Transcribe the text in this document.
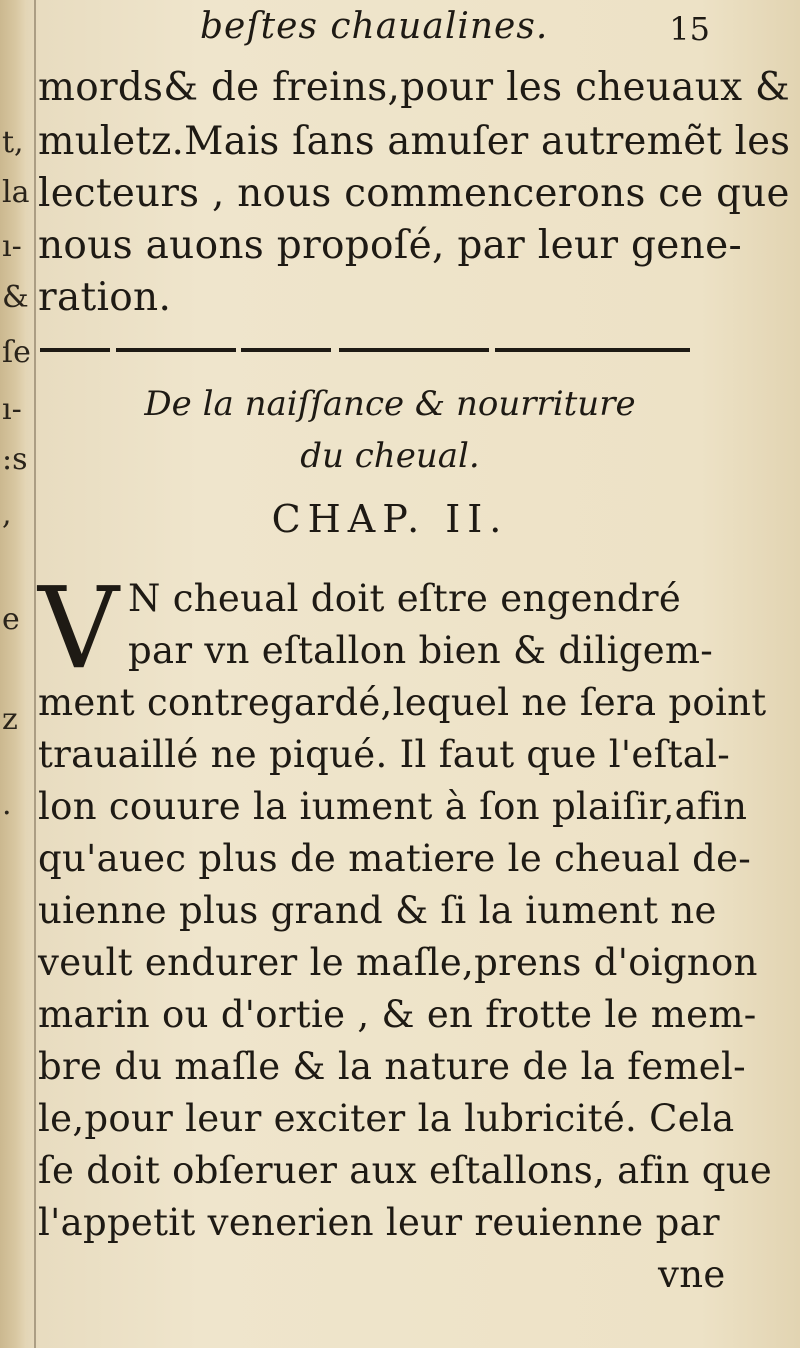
t,
la
ı-
&
ſe
ı-
:s
,
e
z
.
beſtes chaualines.	15
mords& de freins,pour les cheuaux &
muletz.Mais ſans amuſer autremẽt les
lecteurs , nous commencerons ce que
nous auons propoſé, par leur gene-
ration.
De la naiſſance & nourriture
du cheual.
CHAP. II.
V N cheual doit eſtre engendré
par vn eſtallon bien & diligem-
ment contregardé,lequel ne ſera point
trauaillé ne piqué. Il faut que l'eſtal-
lon couure la iument à ſon plaiſir,afin
qu'auec plus de matiere le cheual de-
uienne plus grand & ſi la iument ne
veult endurer le maſle,prens d'oignon
marin ou d'ortie , & en frotte le mem-
bre du maſle & la nature de la femel-
le,pour leur exciter la lubricité. Cela
ſe doit obſeruer aux eſtallons, afin que
l'appetit venerien leur reuienne par
vne
